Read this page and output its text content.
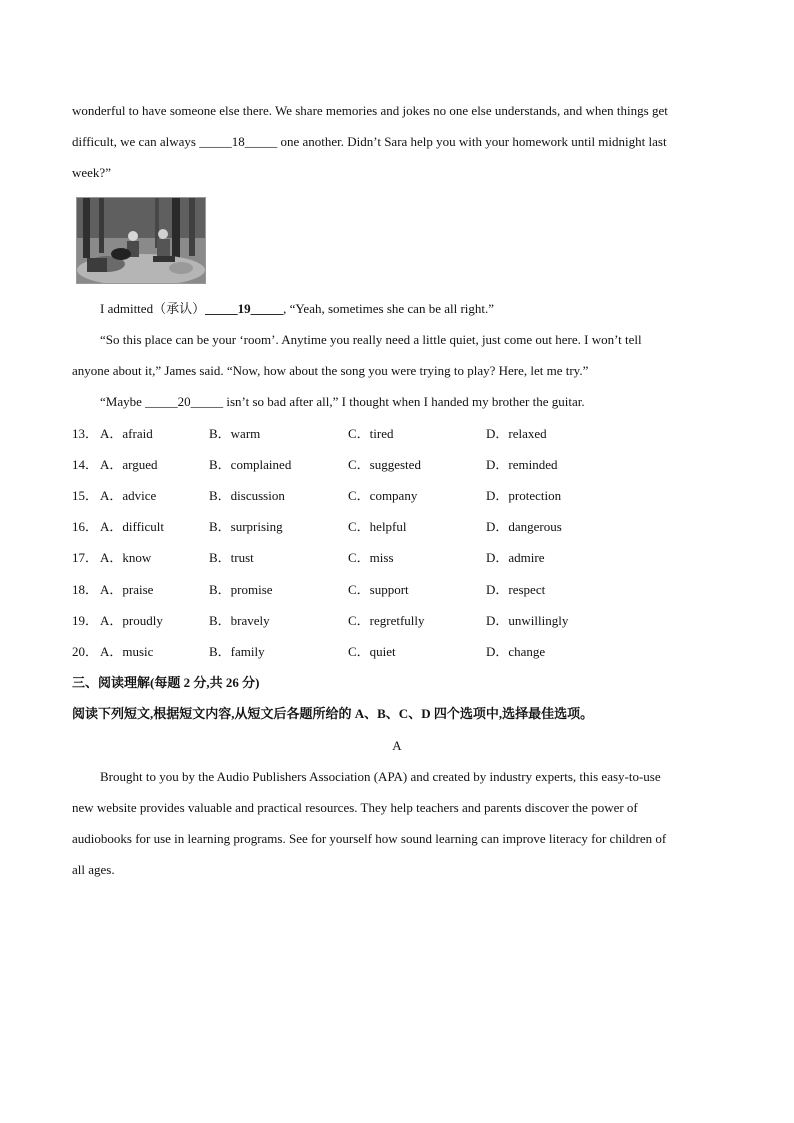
wonderful to have someone else there. We share memories and jokes no one else understands, and when things get
difficult, we can always _____18_____ one another. Didn’t Sara help you with your homework until midnight last
week?”
I admitted（承认）_____19_____, “Yeah, sometimes she can be all right.”
“So this place can be your ‘room’. Anytime you really need a little quiet, just come out here. I won’t tell
anyone about it,” James said. “Now, how about the song you were trying to play? Here, let me try.”
“Maybe _____20_____ isn’t so bad after all,” I thought when I handed my brother the guitar.
13． A．afraid	B．warm	C．tired	D．relaxed
14． A．argued	B．complained	C．suggested	D．reminded
15． A．advice	B．discussion	C．company	D．protection
16． A．difficult	B．surprising	C．helpful	D．dangerous
17． A．know	B．trust	C．miss	D．admire
18． A．praise	B．promise	C．support	D．respect
19． A．proudly	B．bravely	C．regretfully	D．unwillingly
20． A．music	B．family	C．quiet	D．change
三、阅读理解(每题 2 分,共 26 分)
阅读下列短文,根据短文内容,从短文后各题所给的 A、B、C、D 四个选项中,选择最佳选项。
A
Brought to you by the Audio Publishers Association (APA) and created by industry experts, this easy-to-use
new website provides valuable and practical resources. They help teachers and parents discover the power of
audiobooks for use in learning programs. See for yourself how sound learning can improve literacy for children of
all ages.
